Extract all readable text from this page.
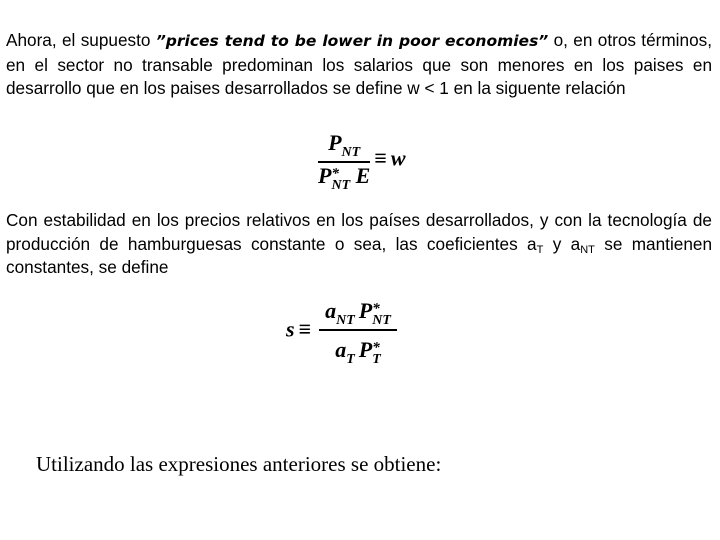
Ahora, el supuesto ”prices tend to be lower in poor economies” o, en otros términos, en el sector no transable predominan los salarios que son menores en los paises en desarrollo que en los paises desarrollados se define w < 1 en la siguente relación
PNT
P *
NT E ≡ w
Con estabilidad en los precios relativos en los países desarrollados, y con la tecnología de producción de hamburguesas constante o sea, las coeficientes $a_T$ y $a_{NT}$ se mantienen constantes, se define
s ≡ aNT P *
NT
aT P *
T
Utilizando las expresiones anteriores se obtiene:
